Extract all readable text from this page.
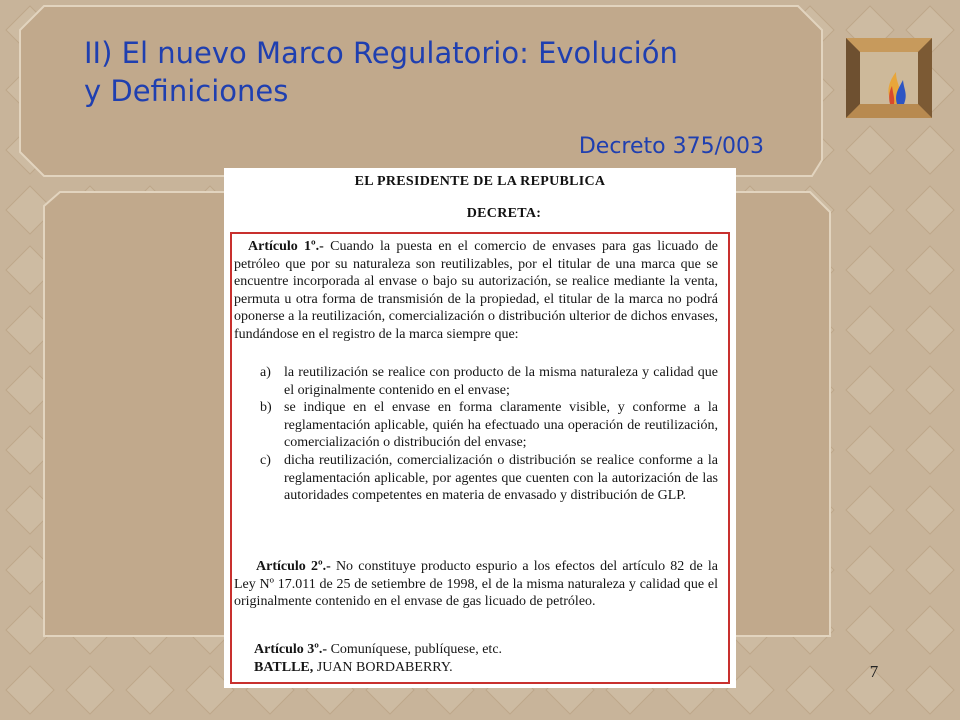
II) El nuevo Marco Regulatorio: Evolución
y Definiciones
Decreto 375/003
EL PRESIDENTE DE LA REPUBLICA
DECRETA:
Artículo 1º.- Cuando la puesta en el comercio de envases para gas licuado de petróleo que por su naturaleza son reutilizables, por el titular de una marca que se encuentre incorporada al envase o bajo su autorización, se realice mediante la venta, permuta u otra forma de transmisión de la propiedad, el titular de la marca no podrá oponerse a la reutilización, comercialización o distribución ulterior de dichos envases, fundándose en el registro de la marca siempre que:
a) la reutilización se realice con producto de la misma naturaleza y calidad que el originalmente contenido en el envase;
b) se indique en el envase en forma claramente visible, y conforme a la reglamentación aplicable, quién ha efectuado una operación de reutilización, comercialización o distribución del envase;
c) dicha reutilización, comercialización o distribución se realice conforme a la reglamentación aplicable, por agentes que cuenten con la autorización de las autoridades competentes en materia de envasado y distribución de GLP.
Artículo 2º.- No constituye producto espurio a los efectos del artículo 82 de la Ley Nº 17.011 de 25 de setiembre de 1998, el de la misma naturaleza y calidad que el originalmente contenido en el envase de gas licuado de petróleo.
Artículo 3º.- Comuníquese, publíquese, etc.
BATLLE, JUAN BORDABERRY.	7
